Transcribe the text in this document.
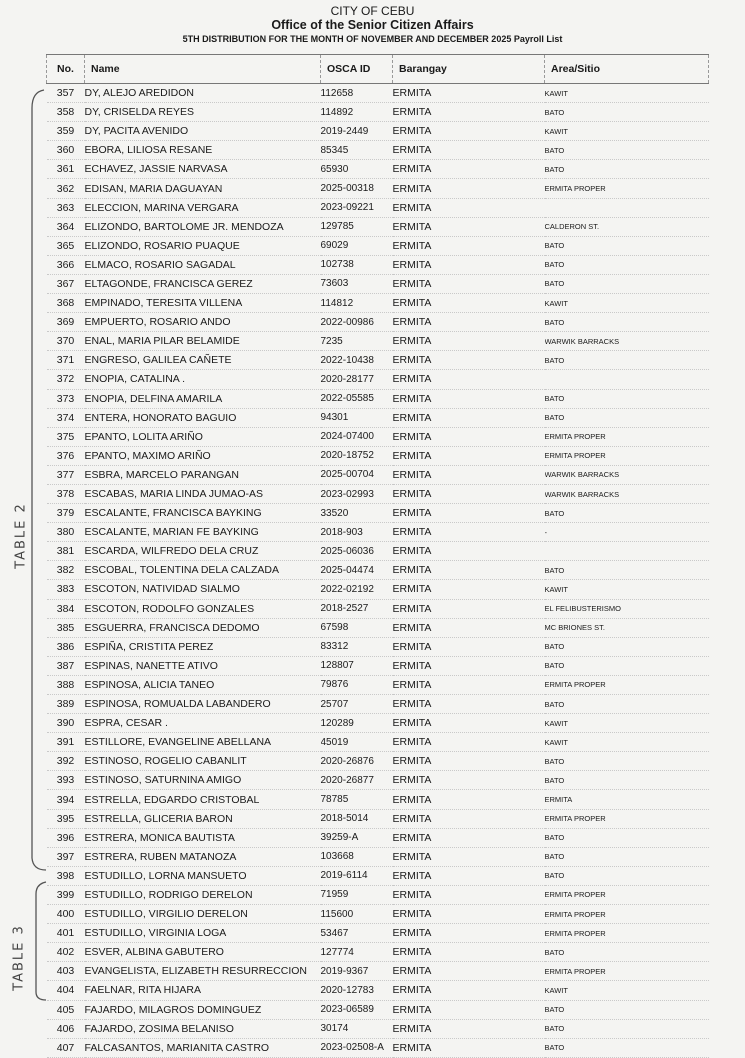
CITY OF CEBU
Office of the Senior Citizen Affairs
5TH DISTRIBUTION FOR THE MONTH OF NOVEMBER AND DECEMBER 2025 Payroll List
No.	Name	OSCA ID	Barangay	Area/Sitio
357	DY, ALEJO AREDIDON	112658	ERMITA	KAWIT
358	DY, CRISELDA REYES	114892	ERMITA	BATO
359	DY, PACITA AVENIDO	2019-2449	ERMITA	KAWIT
360	EBORA, LILIOSA RESANE	85345	ERMITA	BATO
361	ECHAVEZ, JASSIE NARVASA	65930	ERMITA	BATO
362	EDISAN, MARIA DAGUAYAN	2025-00318	ERMITA	ERMITA PROPER
363	ELECCION, MARINA VERGARA	2023-09221	ERMITA	
364	ELIZONDO, BARTOLOME JR. MENDOZA	129785	ERMITA	CALDERON ST.
365	ELIZONDO, ROSARIO PUAQUE	69029	ERMITA	BATO
366	ELMACO, ROSARIO SAGADAL	102738	ERMITA	BATO
367	ELTAGONDE, FRANCISCA GEREZ	73603	ERMITA	BATO
368	EMPINADO, TERESITA VILLENA	114812	ERMITA	KAWIT
369	EMPUERTO, ROSARIO ANDO	2022-00986	ERMITA	BATO
370	ENAL, MARIA PILAR BELAMIDE	7235	ERMITA	WARWIK BARRACKS
371	ENGRESO, GALILEA CAÑETE	2022-10438	ERMITA	BATO
372	ENOPIA, CATALINA .	2020-28177	ERMITA	
373	ENOPIA, DELFINA AMARILA	2022-05585	ERMITA	BATO
374	ENTERA, HONORATO BAGUIO	94301	ERMITA	BATO
375	EPANTO, LOLITA ARIÑO	2024-07400	ERMITA	ERMITA PROPER
376	EPANTO, MAXIMO ARIÑO	2020-18752	ERMITA	ERMITA PROPER
377	ESBRA, MARCELO PARANGAN	2025-00704	ERMITA	WARWIK BARRACKS
378	ESCABAS, MARIA LINDA JUMAO-AS	2023-02993	ERMITA	WARWIK BARRACKS
379	ESCALANTE, FRANCISCA BAYKING	33520	ERMITA	BATO
380	ESCALANTE, MARIAN FE BAYKING	2018-903	ERMITA	-
381	ESCARDA, WILFREDO DELA CRUZ	2025-06036	ERMITA	
382	ESCOBAL, TOLENTINA DELA CALZADA	2025-04474	ERMITA	BATO
383	ESCOTON, NATIVIDAD SIALMO	2022-02192	ERMITA	KAWIT
384	ESCOTON, RODOLFO GONZALES	2018-2527	ERMITA	EL FELIBUSTERISMO
385	ESGUERRA, FRANCISCA DEDOMO	67598	ERMITA	MC BRIONES ST.
386	ESPIÑA, CRISTITA PEREZ	83312	ERMITA	BATO
387	ESPINAS, NANETTE ATIVO	128807	ERMITA	BATO
388	ESPINOSA, ALICIA TANEO	79876	ERMITA	ERMITA PROPER
389	ESPINOSA, ROMUALDA LABANDERO	25707	ERMITA	BATO
390	ESPRA, CESAR .	120289	ERMITA	KAWIT
391	ESTILLORE, EVANGELINE ABELLANA	45019	ERMITA	KAWIT
392	ESTINOSO, ROGELIO CABANLIT	2020-26876	ERMITA	BATO
393	ESTINOSO, SATURNINA AMIGO	2020-26877	ERMITA	BATO
394	ESTRELLA, EDGARDO CRISTOBAL	78785	ERMITA	ERMITA
395	ESTRELLA, GLICERIA BARON	2018-5014	ERMITA	ERMITA PROPER
396	ESTRERA, MONICA BAUTISTA	39259-A	ERMITA	BATO
397	ESTRERA, RUBEN MATANOZA	103668	ERMITA	BATO
398	ESTUDILLO, LORNA MANSUETO	2019-6114	ERMITA	BATO
399	ESTUDILLO, RODRIGO DERELON	71959	ERMITA	ERMITA PROPER
400	ESTUDILLO, VIRGILIO DERELON	115600	ERMITA	ERMITA PROPER
401	ESTUDILLO, VIRGINIA LOGA	53467	ERMITA	ERMITA PROPER
402	ESVER, ALBINA GABUTERO	127774	ERMITA	BATO
403	EVANGELISTA, ELIZABETH RESURRECCION	2019-9367	ERMITA	ERMITA PROPER
404	FAELNAR, RITA HIJARA	2020-12783	ERMITA	KAWIT
405	FAJARDO, MILAGROS DOMINGUEZ	2023-06589	ERMITA	BATO
406	FAJARDO, ZOSIMA BELANISO	30174	ERMITA	BATO
407	FALCASANTOS, MARIANITA CASTRO	2023-02508-A	ERMITA	BATO
TABLE 2
TABLE 3
